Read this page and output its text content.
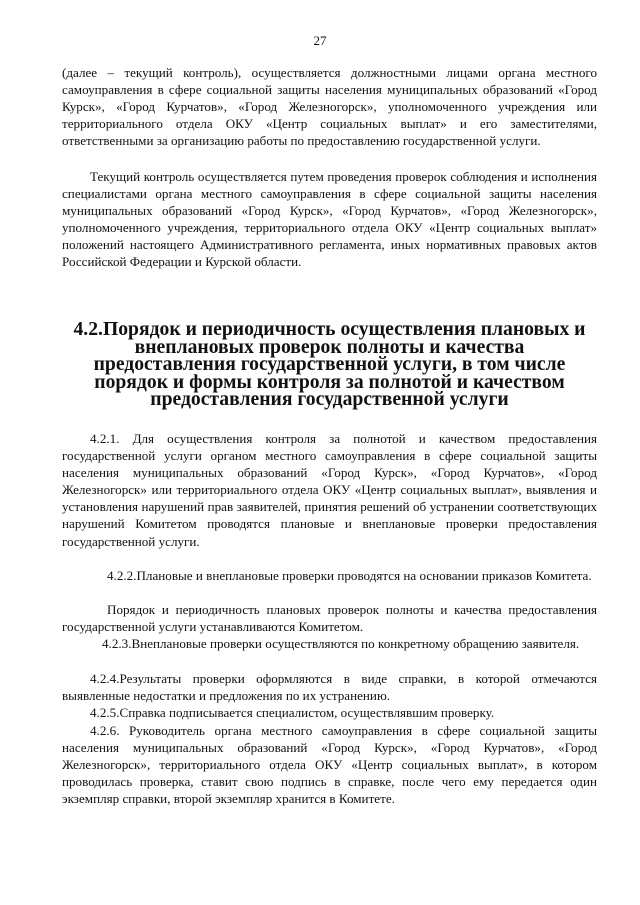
27

(далее – текущий контроль), осуществляется должностными лицами органа местного самоуправления в сфере социальной защиты населения муниципальных образований «Город Курск», «Город Курчатов», «Город Железногорск», уполномоченного учреждения или территориального отдела ОКУ «Центр социальных выплат» и его заместителями, ответственными за организацию работы по предоставлению государственной услуги.

Текущий контроль осуществляется путем проведения проверок соблюдения и исполнения специалистами органа местного самоуправления в сфере социальной защиты населения муниципальных образований «Город Курск», «Город Курчатов», «Город Железногорск», уполномоченного учреждения, территориального отдела ОКУ «Центр социальных выплат» положений настоящего Административного регламента, иных нормативных правовых актов Российской Федерации и Курской области.

4.2.Порядок и периодичность осуществления плановых и внеплановых проверок полноты и качества предоставления государственной услуги, в том числе порядок и формы контроля за полнотой и качеством предоставления государственной услуги

4.2.1. Для осуществления контроля за полнотой и качеством предоставления государственной услуги органом местного самоуправления в сфере социальной защиты населения муниципальных образований «Город Курск», «Город Курчатов», «Город Железногорск» или территориального отдела ОКУ «Центр социальных выплат», выявления и установления нарушений прав заявителей, принятия решений об устранении соответствующих нарушений Комитетом проводятся плановые и внеплановые проверки предоставления государственной услуги.

4.2.2.Плановые и внеплановые проверки проводятся на основании приказов Комитета.

Порядок и периодичность плановых проверок полноты и качества предоставления государственной услуги устанавливаются Комитетом.

4.2.3.Внеплановые проверки осуществляются по конкретному обращению заявителя.

4.2.4.Результаты проверки оформляются в виде справки, в которой отмечаются выявленные недостатки и предложения по их устранению.

4.2.5.Справка подписывается специалистом, осуществлявшим проверку.

4.2.6. Руководитель органа местного самоуправления в сфере социальной защиты населения муниципальных образований «Город Курск», «Город Курчатов», «Город Железногорск», территориального отдела ОКУ «Центр социальных выплат», в котором проводилась проверка, ставит свою подпись в справке, после чего ему передается один экземпляр справки, второй экземпляр хранится в Комитете.
